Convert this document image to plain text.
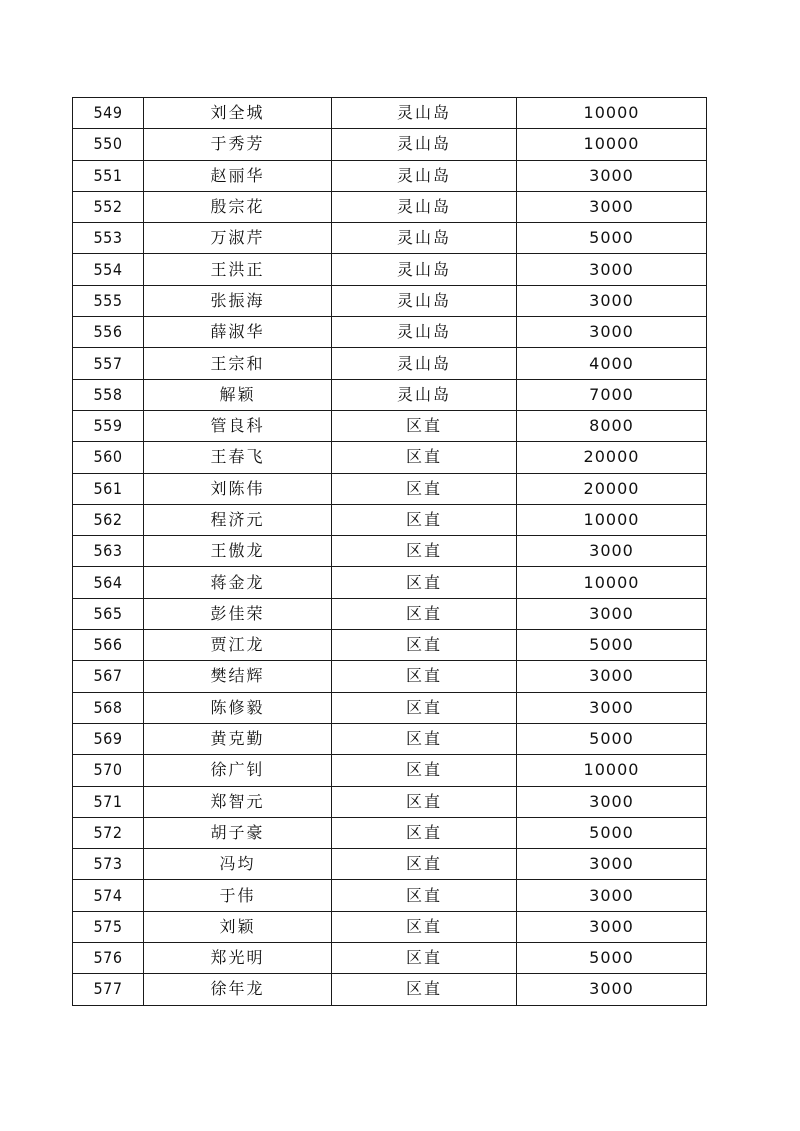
549	刘全城	灵山岛	10000
550	于秀芳	灵山岛	10000
551	赵丽华	灵山岛	3000
552	殷宗花	灵山岛	3000
553	万淑芹	灵山岛	5000
554	王洪正	灵山岛	3000
555	张振海	灵山岛	3000
556	薛淑华	灵山岛	3000
557	王宗和	灵山岛	4000
558	解颖	灵山岛	7000
559	管良科	区直	8000
560	王春飞	区直	20000
561	刘陈伟	区直	20000
562	程济元	区直	10000
563	王傲龙	区直	3000
564	蒋金龙	区直	10000
565	彭佳荣	区直	3000
566	贾江龙	区直	5000
567	樊结辉	区直	3000
568	陈修毅	区直	3000
569	黄克勤	区直	5000
570	徐广钊	区直	10000
571	郑智元	区直	3000
572	胡子豪	区直	5000
573	冯均	区直	3000
574	于伟	区直	3000
575	刘颖	区直	3000
576	郑光明	区直	5000
577	徐年龙	区直	3000
